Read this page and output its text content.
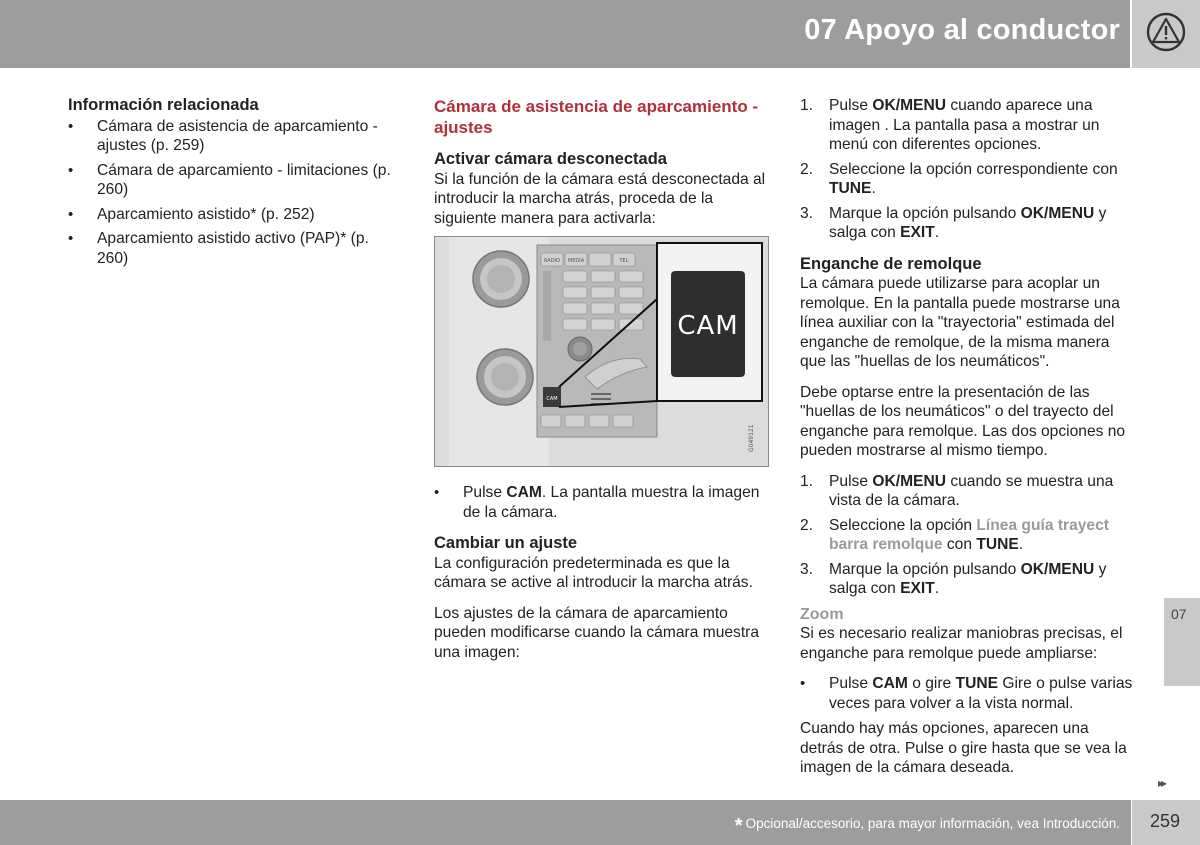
07 Apoyo al conductor
Información relacionada
• Cámara de asistencia de aparcamiento - ajustes (p. 259)
• Cámara de aparcamiento - limitaciones (p. 260)
• Aparcamiento asistido* (p. 252)
• Aparcamiento asistido activo (PAP)* (p. 260)
Cámara de asistencia de aparcamiento - ajustes
Activar cámara desconectada

Si la función de la cámara está desconectada al introducir la marcha atrás, proceda de la siguiente manera para activarla:

RADIO MEDIA	TEL
CAM
CAM
G049121
• Pulse CAM. La pantalla muestra la imagen de la cámara.
Cambiar un ajuste

La configuración predeterminada es que la cámara se active al introducir la marcha atrás.

Los ajustes de la cámara de aparcamiento pueden modificarse cuando la cámara muestra una imagen:

1. Pulse OK/MENU cuando aparece una imagen . La pantalla pasa a mostrar un menú con diferentes opciones.
2. Seleccione la opción correspondiente con TUNE.
3. Marque la opción pulsando OK/MENU y salga con EXIT.
Enganche de remolque

La cámara puede utilizarse para acoplar un remolque. En la pantalla puede mostrarse una línea auxiliar con la "trayectoria" estimada del enganche de remolque, de la misma manera que las "huellas de los neumáticos".

Debe optarse entre la presentación de las "huellas de los neumáticos" o del trayecto del enganche para remolque. Las dos opciones no pueden mostrarse al mismo tiempo.

1. Pulse OK/MENU cuando se muestra una vista de la cámara.
2. Seleccione la opción Línea guía trayect barra remolque con TUNE.
3. Marque la opción pulsando OK/MENU y salga con EXIT.
Zoom

Si es necesario realizar maniobras precisas, el enganche para remolque puede ampliarse:

• Pulse CAM o gire TUNE Gire o pulse varias veces para volver a la vista normal.

Cuando hay más opciones, aparecen una detrás de otra. Pulse o gire hasta que se vea la imagen de la cámara deseada.

07
▸▸
* Opcional/accesorio, para mayor información, vea Introducción. 259
